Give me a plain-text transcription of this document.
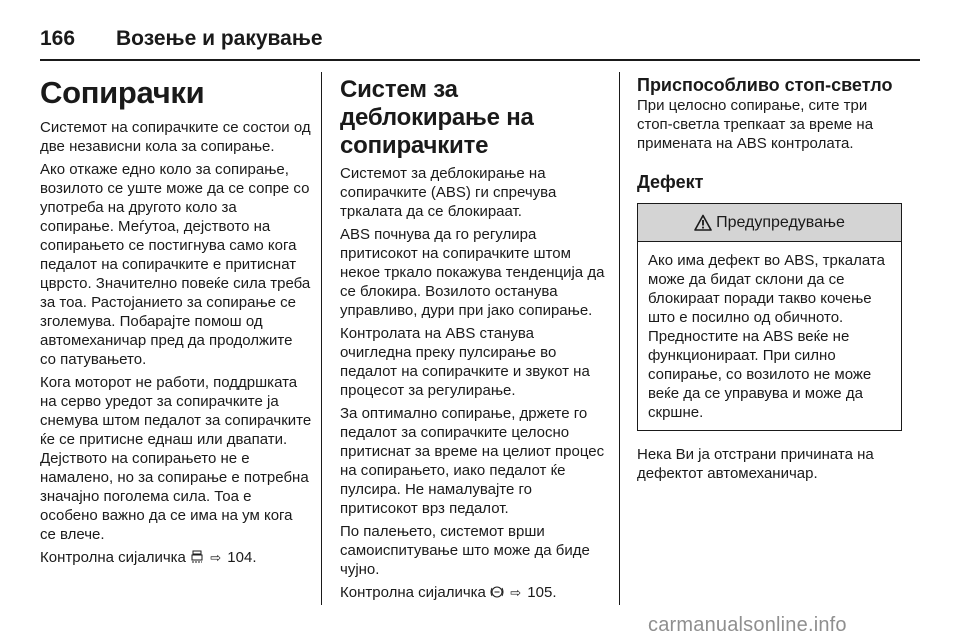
166	Возење и ракување
Сопирачки

Системот на сопирачките се состои од две независни кола за сопирање.

Ако откаже едно коло за сопирање, возилото се уште може да се сопре со употреба на другото коло за сопирање. Меѓутоа, дејството на сопирањето се постигнува само кога педалот на сопирачките е притиснат цврсто. Значително повеќе сила треба за тоа. Растојанието за сопирање се зголемува. Побарајте помош од автомеханичар пред да продолжите со патувањето.

Кога моторот не работи, поддршката на серво уредот за сопирачките ја снемува штом педалот за сопирачките ќе се притисне еднаш или двапати. Дејството на сопирањето не е намалено, но за сопирање е потребна значајно поголема сила. Тоа е особено важно да се има на ум кога се влече.

Контролна сијаличка ⇨ 104.

Систем за деблокирање на сопирачките

Системот за деблокирање на сопирачките (ABS) ги спречува тркалата да се блокираат.

ABS почнува да го регулира притисокот на сопирачките штом некое тркало покажува тенденција да се блокира. Возилото останува управливо, дури при јако сопирање.

Контролата на ABS станува очигледна преку пулсирање во педалот на сопирачките и звукот на процесот за регулирање.

За оптимално сопирање, држете го педалот за сопирачките целосно притиснат за време на целиот процес на сопирањето, иако педалот ќе пулсира. Не намалувајте го притисокот врз педалот.

По палењето, системот врши самоиспитување што може да биде чујно.

Контролна сијаличка ⇨ 105.

Приспособливо стоп-светло

При целосно сопирање, сите три стоп-светла трепкаат за време на примената на ABS контролата.

Дефект
Предупредување

Ако има дефект во ABS, тркалата може да бидат склони да се блокираат поради такво кочење што е посилно од обичното. Предностите на ABS веќе не функционираат. При силно сопирање, со возилото не може веќе да се управува и може да скршне.

Нека Ви ја отстрани причината на дефектот автомеханичар.

carmanualsonline.info
